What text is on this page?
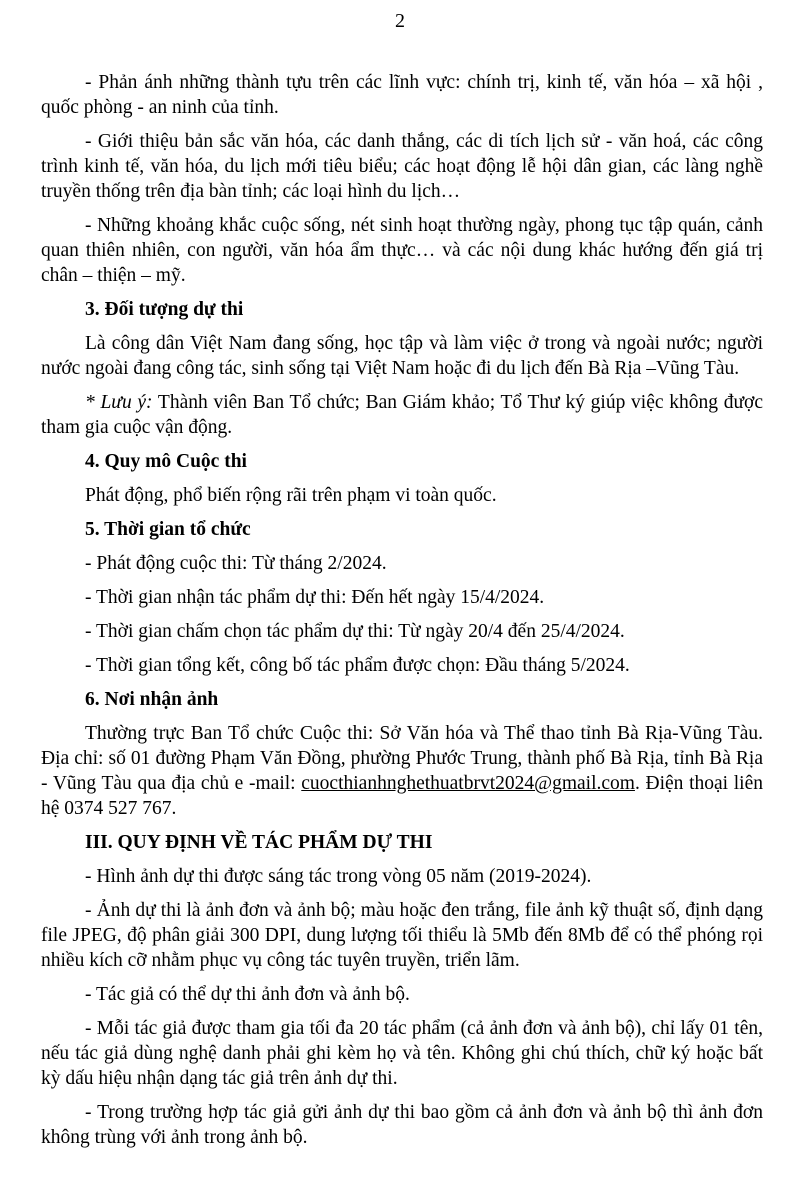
2

- Phản ánh những thành tựu trên các lĩnh vực: chính trị, kinh tế, văn hóa – xã hội , quốc phòng - an ninh của tỉnh.

- Giới thiệu bản sắc văn hóa, các danh thắng, các di tích lịch sử - văn hoá, các công trình kinh tế, văn hóa, du lịch mới tiêu biểu; các hoạt động lễ hội dân gian, các làng nghề truyền thống trên địa bàn tỉnh; các loại hình du lịch…

- Những khoảng khắc cuộc sống, nét sinh hoạt thường ngày, phong tục tập quán, cảnh quan thiên nhiên, con người, văn hóa ẩm thực… và các nội dung khác hướng đến giá trị chân – thiện – mỹ.

3. Đối tượng dự thi

Là công dân Việt Nam đang sống, học tập và làm việc ở trong và ngoài nước; người nước ngoài đang công tác, sinh sống tại Việt Nam hoặc đi du lịch đến Bà Rịa –Vũng Tàu.

* Lưu ý: Thành viên Ban Tổ chức; Ban Giám khảo; Tổ Thư ký giúp việc không được tham gia cuộc vận động.

4. Quy mô Cuộc thi

Phát động, phổ biến rộng rãi trên phạm vi toàn quốc.

5. Thời gian tổ chức

- Phát động cuộc thi: Từ tháng 2/2024.

- Thời gian nhận tác phẩm dự thi: Đến hết ngày 15/4/2024.

- Thời gian chấm chọn tác phẩm dự thi: Từ ngày 20/4 đến 25/4/2024.

- Thời gian tổng kết, công bố tác phẩm được chọn: Đầu tháng 5/2024.

6. Nơi nhận ảnh

Thường trực Ban Tổ chức Cuộc thi: Sở Văn hóa và Thể thao tỉnh Bà Rịa-Vũng Tàu. Địa chỉ: số 01 đường Phạm Văn Đồng, phường Phước Trung, thành phố Bà Rịa, tỉnh Bà Rịa - Vũng Tàu qua địa chủ e -mail: cuocthianhnghethuatbrvt2024@gmail.com. Điện thoại liên hệ 0374 527 767.

III. QUY ĐỊNH VỀ TÁC PHẨM DỰ THI

- Hình ảnh dự thi được sáng tác trong vòng 05 năm (2019-2024).

- Ảnh dự thi là ảnh đơn và ảnh bộ; màu hoặc đen trắng, file ảnh kỹ thuật số, định dạng file JPEG, độ phân giải 300 DPI, dung lượng tối thiểu là 5Mb đến 8Mb để có thể phóng rọi nhiều kích cỡ nhằm phục vụ công tác tuyên truyền, triển lãm.

- Tác giả có thể dự thi ảnh đơn và ảnh bộ.

- Mỗi tác giả được tham gia tối đa 20 tác phẩm (cả ảnh đơn và ảnh bộ), chỉ lấy 01 tên, nếu tác giả dùng nghệ danh phải ghi kèm họ và tên. Không ghi chú thích, chữ ký hoặc bất kỳ dấu hiệu nhận dạng tác giả trên ảnh dự thi.

- Trong trường hợp tác giả gửi ảnh dự thi bao gồm cả ảnh đơn và ảnh bộ thì ảnh đơn không trùng với ảnh trong ảnh bộ.
